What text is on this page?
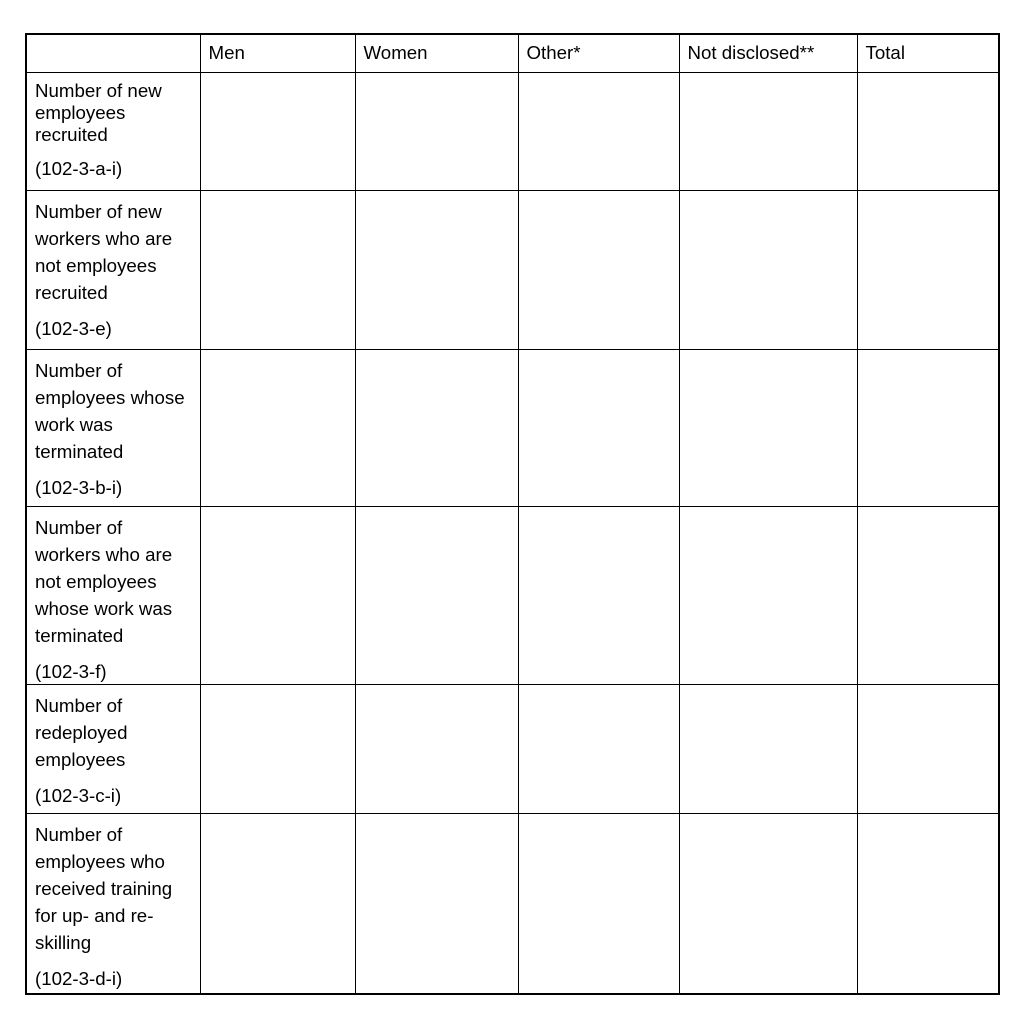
	Men	Women	Other*	Not disclosed**	Total

Number of new employees recruited
(102-3-a-i)					

Number of new workers who are not employees recruited
(102-3-e)					

Number of employees whose work was terminated
(102-3-b-i)					

Number of workers who are not employees whose work was terminated
(102-3-f)					

Number of redeployed employees
(102-3-c-i)					

Number of employees who received training for up- and re-skilling
(102-3-d-i)					
